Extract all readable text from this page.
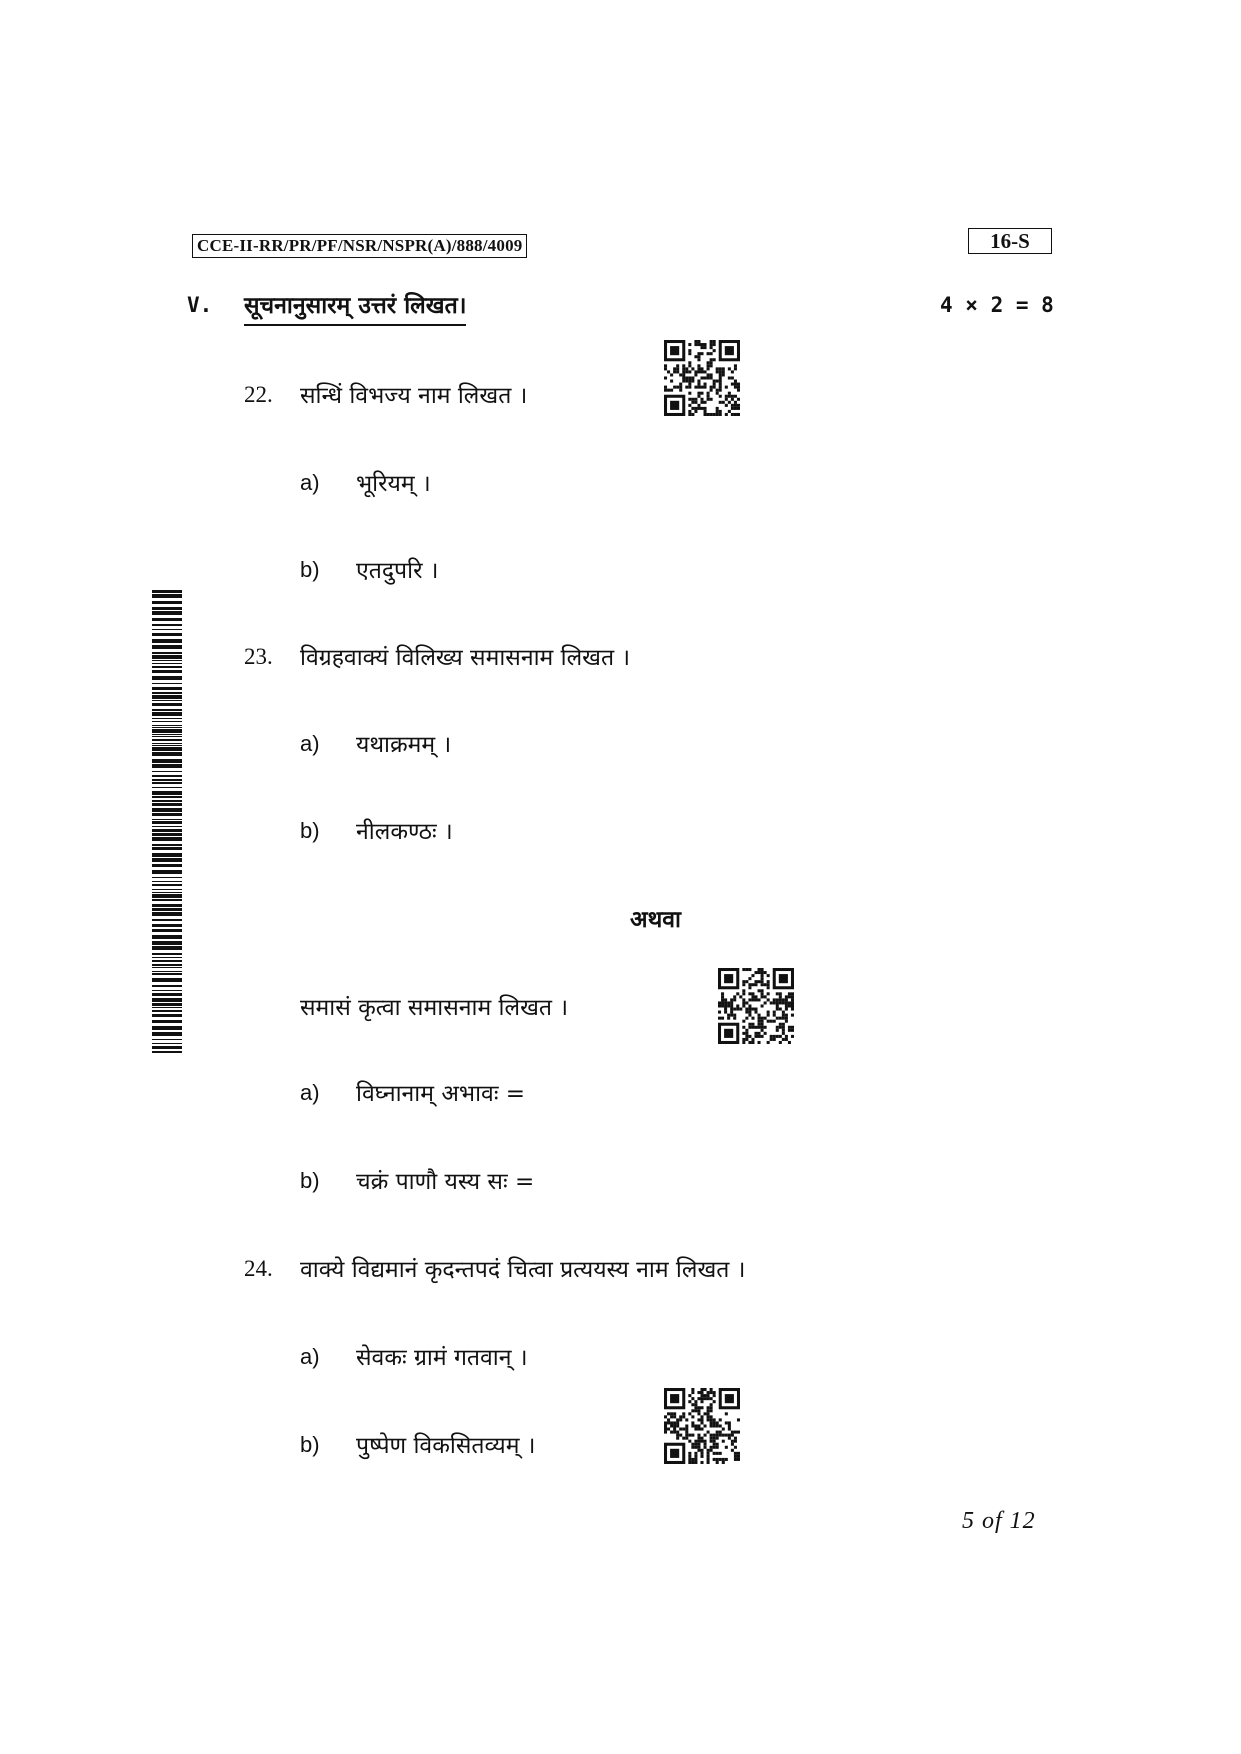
CCE-II-RR/PR/PF/NSR/NSPR(A)/888/4009	16-S
V. सूचनानुसारम् उत्तरं लिखत।	4 × 2 = 8
22. सन्धिं विभज्य नाम लिखत ।
a) भूरियम् ।
b) एतदुपरि ।
23. विग्रहवाक्यं विलिख्य समासनाम लिखत ।
a) यथाक्रमम् ।
b) नीलकण्ठः ।
अथवा
समासं कृत्वा समासनाम लिखत ।
a) विघ्नानाम् अभावः =
b) चक्रं पाणौ यस्य सः =
24. वाक्ये विद्यमानं कृदन्तपदं चित्वा प्रत्ययस्य नाम लिखत ।
a) सेवकः ग्रामं गतवान् ।
b) पुष्पेण विकसितव्यम् ।
5 of 12
